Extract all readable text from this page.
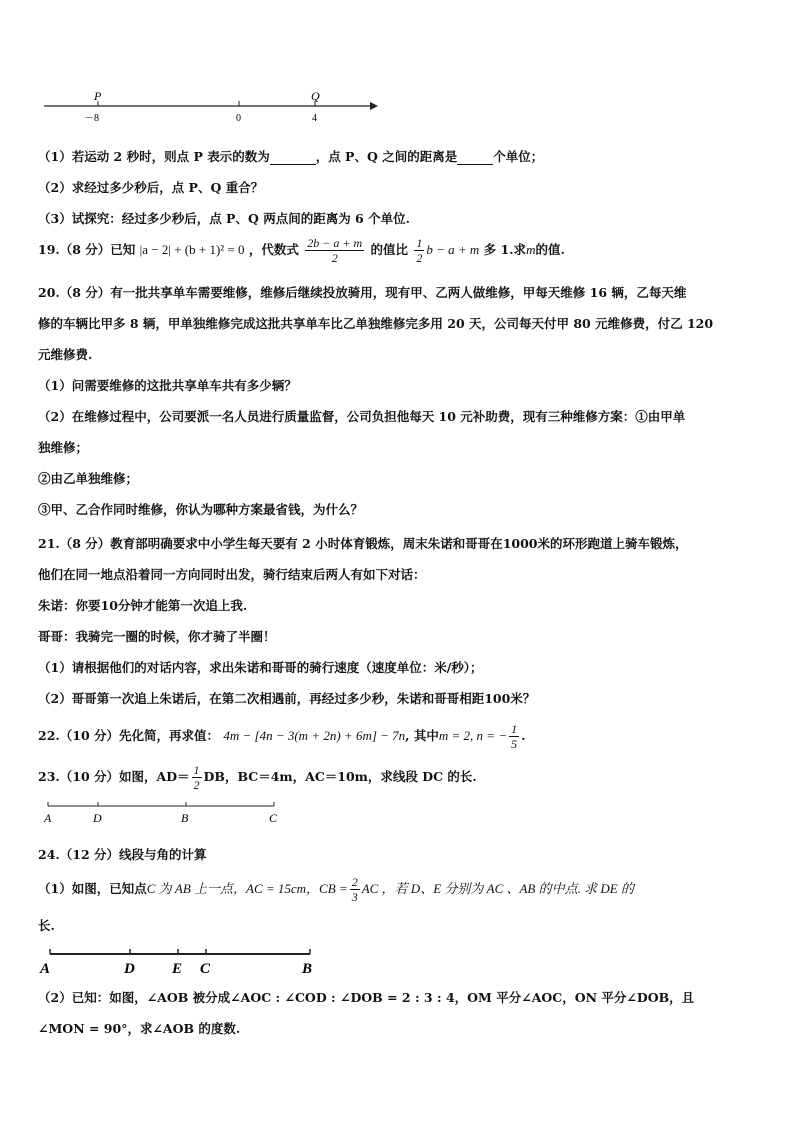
P	Q
－8	0	4
（1）若运动 2 秒时，则点 P 表示的数为	，点 P、Q 之间的距离是	个单位；
（2）求经过多少秒后，点 P、Q 重合？
（3）试探究：经过多少秒后，点 P、Q 两点间的距离为 6 个单位.
19.（8 分）已知 |a − 2| + (b + 1)² = 0 ，代数式 $\frac{2b - a + m}{2}$ 的值比 $\frac{1}{2}$ b − a + m 多 1.求m的值.
20.（8 分）有一批共享单车需要维修，维修后继续投放骑用，现有甲、乙两人做维修，甲每天维修 16 辆，乙每天维
修的车辆比甲多 8 辆，甲单独维修完成这批共享单车比乙单独维修完多用 20 天，公司每天付甲 80 元维修费，付乙 120
元维修费.
（1）问需要维修的这批共享单车共有多少辆？
（2）在维修过程中，公司要派一名人员进行质量监督，公司负担他每天 10 元补助费，现有三种维修方案：①由甲单
独维修；
②由乙单独维修；
③甲、乙合作同时维修，你认为哪种方案最省钱，为什么？
21.（8 分）教育部明确要求中小学生每天要有 2 小时体育锻炼，周末朱诺和哥哥在1000米的环形跑道上骑车锻炼，
他们在同一地点沿着同一方向同时出发，骑行结束后两人有如下对话：
朱诺：你要10分钟才能第一次追上我.
哥哥：我骑完一圈的时候，你才骑了半圈！
（1）请根据他们的对话内容，求出朱诺和哥哥的骑行速度（速度单位：米/秒）；
（2）哥哥第一次追上朱诺后，在第二次相遇前，再经过多少秒，朱诺和哥哥相距100米？
22.（10 分）先化简，再求值： 4m − [4n − 3(m + 2n) + 6m] − 7n, 其中m = 2, n = − $\frac{1}{5}$ .
23.（10 分）如图，$AD= \frac{1}{2}$ DB，BC＝4m，AC＝10m，求线段 DC 的长.
A	D	B	C
24.（12 分）线段与角的计算
（1）如图，已知点C 为 AB 上一点，AC = 15cm，CB = $\frac{2}{3}$ AC ，若 D、E 分别为 AC 、AB 的中点. 求 DE 的
长.
A	D E C	B
（2）已知：如图，∠AOB 被分成∠AOC : ∠COD : ∠DOB = 2 : 3 : 4，OM 平分∠AOC，ON 平分∠DOB，且
∠MON = 90°，求∠AOB 的度数.
